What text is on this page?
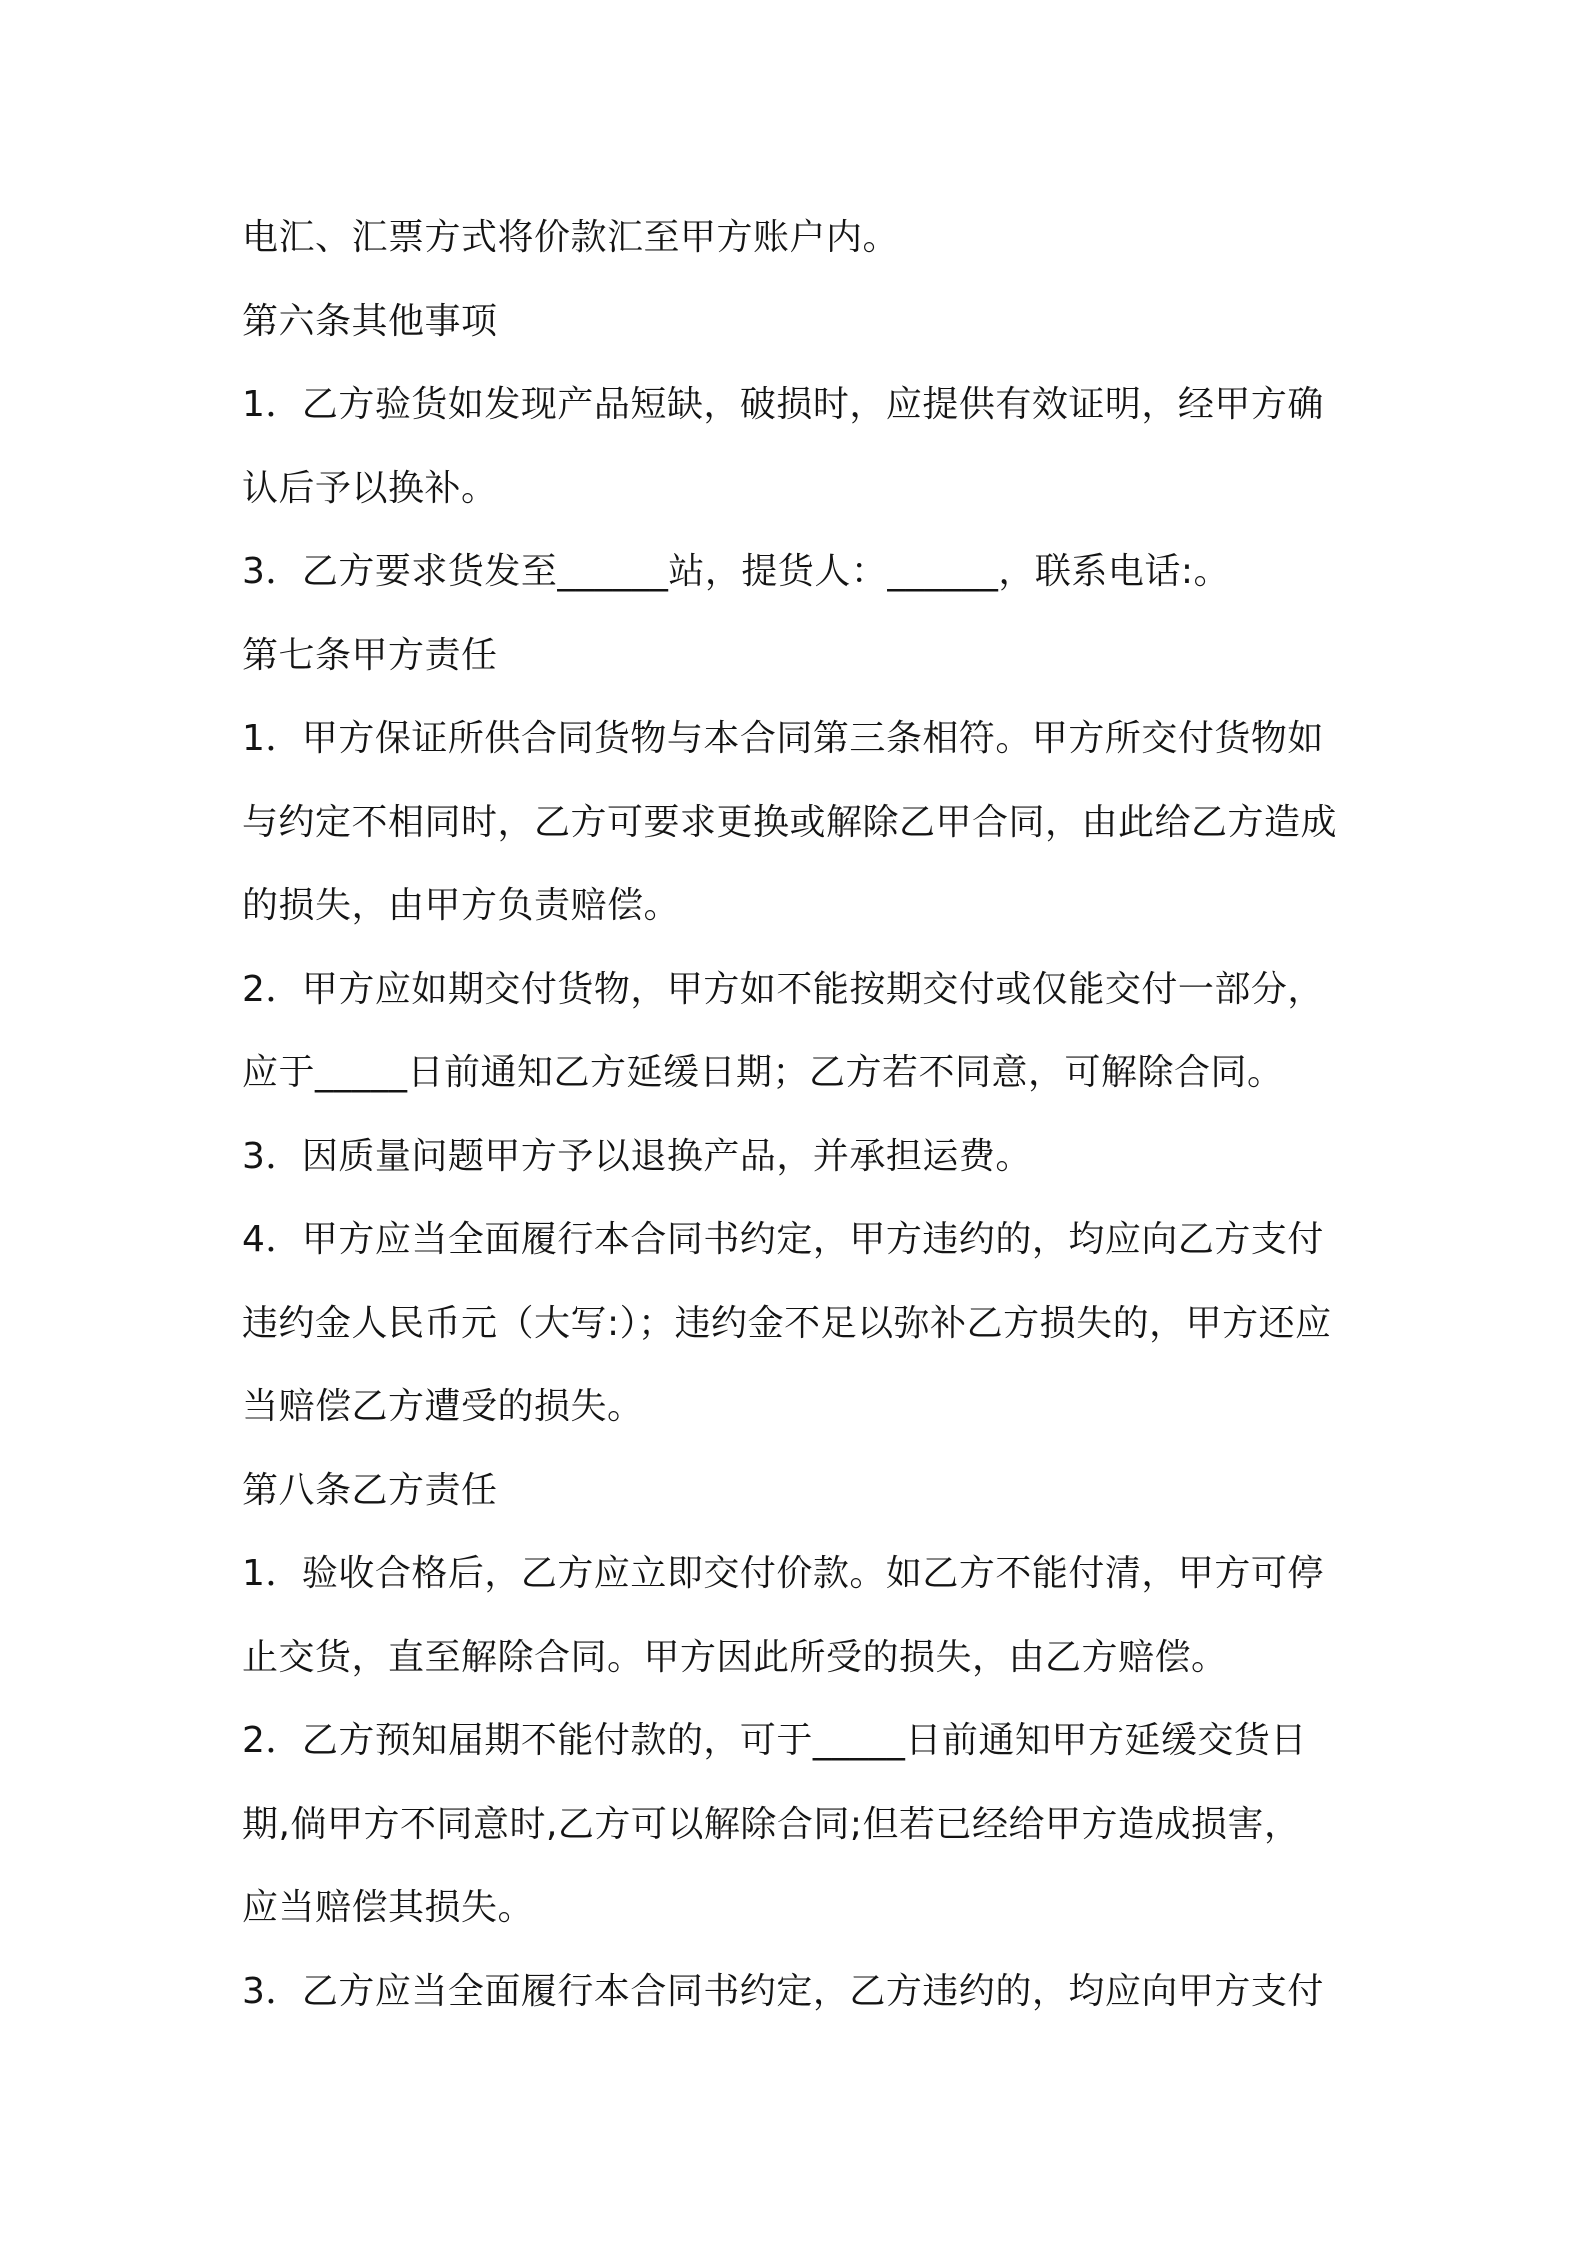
电汇、汇票方式将价款汇至甲方账户内。
第六条其他事项
1．乙方验货如发现产品短缺，破损时，应提供有效证明，经甲方确
认后予以换补。
3．乙方要求货发至______站，提货人：______，联系电话:。
第七条甲方责任
1．甲方保证所供合同货物与本合同第三条相符。甲方所交付货物如
与约定不相同时，乙方可要求更换或解除乙甲合同，由此给乙方造成
的损失，由甲方负责赔偿。
2．甲方应如期交付货物，甲方如不能按期交付或仅能交付一部分，
应于_____日前通知乙方延缓日期；乙方若不同意，可解除合同。
3．因质量问题甲方予以退换产品，并承担运费。
4．甲方应当全面履行本合同书约定，甲方违约的，均应向乙方支付
违约金人民币元（大写:）；违约金不足以弥补乙方损失的，甲方还应
当赔偿乙方遭受的损失。
第八条乙方责任
1．验收合格后，乙方应立即交付价款。如乙方不能付清，甲方可停
止交货，直至解除合同。甲方因此所受的损失，由乙方赔偿。
2．乙方预知届期不能付款的，可于_____日前通知甲方延缓交货日
期,倘甲方不同意时,乙方可以解除合同;但若已经给甲方造成损害，
应当赔偿其损失。
3．乙方应当全面履行本合同书约定，乙方违约的，均应向甲方支付
